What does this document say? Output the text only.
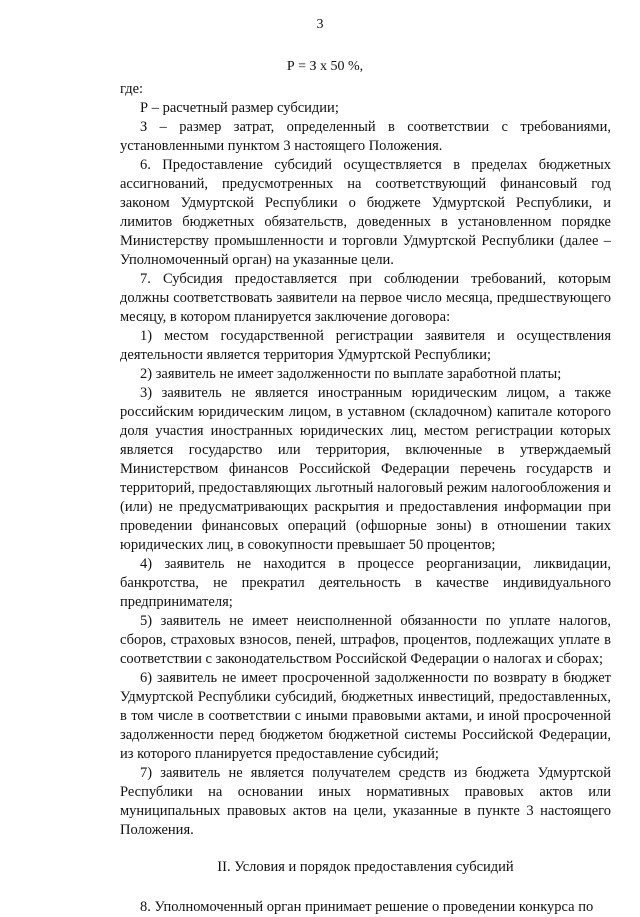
3
Р = З х 50 %,

где:

Р – расчетный размер субсидии;

З – размер затрат, определенный в соответствии с требованиями, установленными пунктом 3 настоящего Положения.

6. Предоставление субсидий осуществляется в пределах бюджетных ассигнований, предусмотренных на соответствующий финансовый год законом Удмуртской Республики о бюджете Удмуртской Республики, и лимитов бюджетных обязательств, доведенных в установленном порядке Министерству промышленности и торговли Удмуртской Республики (далее – Уполномоченный орган) на указанные цели.

7. Субсидия предоставляется при соблюдении требований, которым должны соответствовать заявители на первое число месяца, предшествующего месяцу, в котором планируется заключение договора:

1) местом государственной регистрации заявителя и осуществления деятельности является территория Удмуртской Республики;

2) заявитель не имеет задолженности по выплате заработной платы;

3) заявитель не является иностранным юридическим лицом, а также российским юридическим лицом, в уставном (складочном) капитале которого доля участия иностранных юридических лиц, местом регистрации которых является государство или территория, включенные в утверждаемый Министерством финансов Российской Федерации перечень государств и территорий, предоставляющих льготный налоговый режим налогообложения и (или) не предусматривающих раскрытия и предоставления информации при проведении финансовых операций (офшорные зоны) в отношении таких юридических лиц, в совокупности превышает 50 процентов;

4) заявитель не находится в процессе реорганизации, ликвидации, банкротства, не прекратил деятельность в качестве индивидуального предпринимателя;

5) заявитель не имеет неисполненной обязанности по уплате налогов, сборов, страховых взносов, пеней, штрафов, процентов, подлежащих уплате в соответствии с законодательством Российской Федерации о налогах и сборах;

6) заявитель не имеет просроченной задолженности по возврату в бюджет Удмуртской Республики субсидий, бюджетных инвестиций, предоставленных, в том числе в соответствии с иными правовыми актами, и иной просроченной задолженности перед бюджетом бюджетной системы Российской Федерации, из которого планируется предоставление субсидий;

7) заявитель не является получателем средств из бюджета Удмуртской Республики на основании иных нормативных правовых актов или муниципальных правовых актов на цели, указанные в пункте 3 настоящего Положения.

II. Условия и порядок предоставления субсидий

8. Уполномоченный орган принимает решение о проведении конкурса по
